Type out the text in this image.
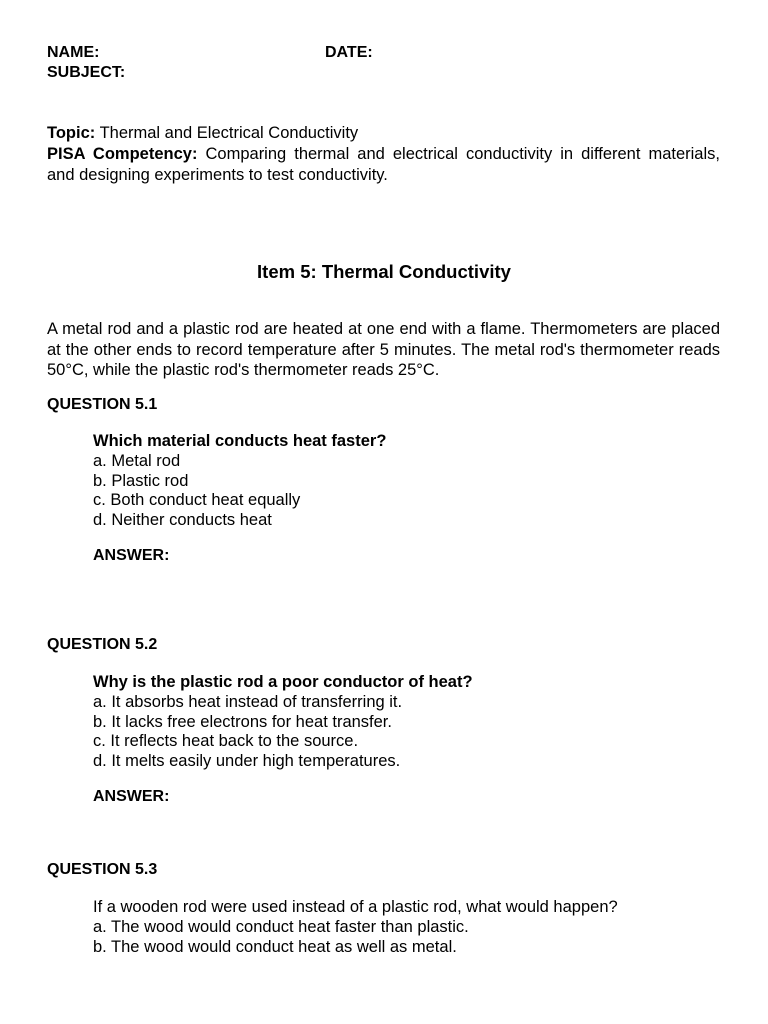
NAME:	DATE:
SUBJECT:
Topic: Thermal and Electrical Conductivity
PISA Competency: Comparing thermal and electrical conductivity in different materials, and designing experiments to test conductivity.
Item 5: Thermal Conductivity
A metal rod and a plastic rod are heated at one end with a flame. Thermometers are placed at the other ends to record temperature after 5 minutes. The metal rod's thermometer reads 50°C, while the plastic rod's thermometer reads 25°C.
QUESTION 5.1
Which material conducts heat faster?
a. Metal rod
b. Plastic rod
c. Both conduct heat equally
d. Neither conducts heat
ANSWER:
QUESTION 5.2
Why is the plastic rod a poor conductor of heat?
a. It absorbs heat instead of transferring it.
b. It lacks free electrons for heat transfer.
c. It reflects heat back to the source.
d. It melts easily under high temperatures.
ANSWER:
QUESTION 5.3
If a wooden rod were used instead of a plastic rod, what would happen?
a. The wood would conduct heat faster than plastic.
b. The wood would conduct heat as well as metal.
